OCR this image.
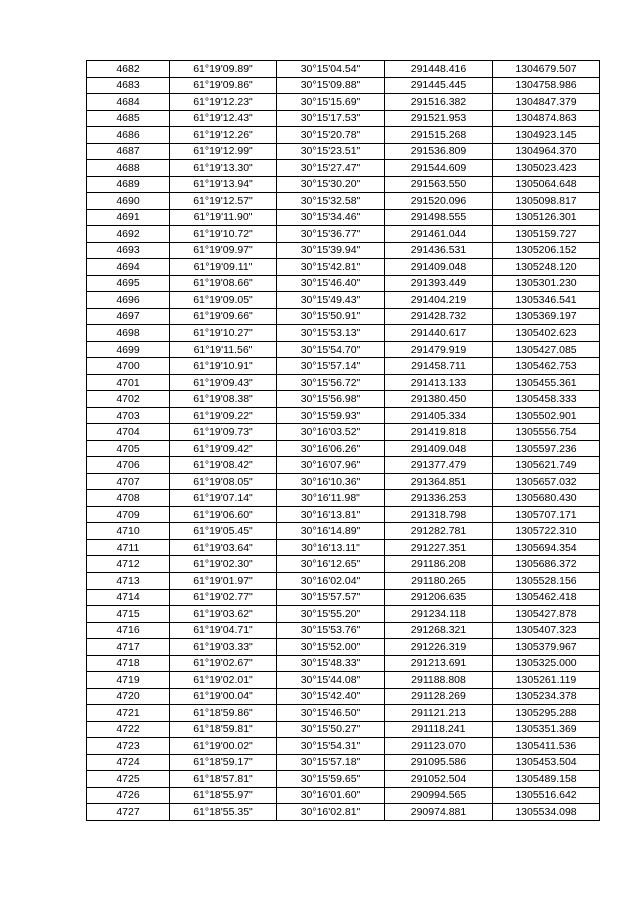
4682	61°19'09.89"	30°15'04.54"	291448.416	1304679.507
4683	61°19'09.86"	30°15'09.88"	291445.445	1304758.986
4684	61°19'12.23"	30°15'15.69"	291516.382	1304847.379
4685	61°19'12.43"	30°15'17.53"	291521.953	1304874.863
4686	61°19'12.26"	30°15'20.78"	291515.268	1304923.145
4687	61°19'12.99"	30°15'23.51"	291536.809	1304964.370
4688	61°19'13.30"	30°15'27.47"	291544.609	1305023.423
4689	61°19'13.94"	30°15'30.20"	291563.550	1305064.648
4690	61°19'12.57"	30°15'32.58"	291520.096	1305098.817
4691	61°19'11.90"	30°15'34.46"	291498.555	1305126.301
4692	61°19'10.72"	30°15'36.77"	291461.044	1305159.727
4693	61°19'09.97"	30°15'39.94"	291436.531	1305206.152
4694	61°19'09.11"	30°15'42.81"	291409.048	1305248.120
4695	61°19'08.66"	30°15'46.40"	291393.449	1305301.230
4696	61°19'09.05"	30°15'49.43"	291404.219	1305346.541
4697	61°19'09.66"	30°15'50.91"	291428.732	1305369.197
4698	61°19'10.27"	30°15'53.13"	291440.617	1305402.623
4699	61°19'11.56"	30°15'54.70"	291479.919	1305427.085
4700	61°19'10.91"	30°15'57.14"	291458.711	1305462.753
4701	61°19'09.43"	30°15'56.72"	291413.133	1305455.361
4702	61°19'08.38"	30°15'56.98"	291380.450	1305458.333
4703	61°19'09.22"	30°15'59.93"	291405.334	1305502.901
4704	61°19'09.73"	30°16'03.52"	291419.818	1305556.754
4705	61°19'09.42"	30°16'06.26"	291409.048	1305597.236
4706	61°19'08.42"	30°16'07.96"	291377.479	1305621.749
4707	61°19'08.05"	30°16'10.36"	291364.851	1305657.032
4708	61°19'07.14"	30°16'11.98"	291336.253	1305680.430
4709	61°19'06.60"	30°16'13.81"	291318.798	1305707.171
4710	61°19'05.45"	30°16'14.89"	291282.781	1305722.310
4711	61°19'03.64"	30°16'13.11"	291227.351	1305694.354
4712	61°19'02.30"	30°16'12.65"	291186.208	1305686.372
4713	61°19'01.97"	30°16'02.04"	291180.265	1305528.156
4714	61°19'02.77"	30°15'57.57"	291206.635	1305462.418
4715	61°19'03.62"	30°15'55.20"	291234.118	1305427.878
4716	61°19'04.71"	30°15'53.76"	291268.321	1305407.323
4717	61°19'03.33"	30°15'52.00"	291226.319	1305379.967
4718	61°19'02.67"	30°15'48.33"	291213.691	1305325.000
4719	61°19'02.01"	30°15'44.08"	291188.808	1305261.119
4720	61°19'00.04"	30°15'42.40"	291128.269	1305234.378
4721	61°18'59.86"	30°15'46.50"	291121.213	1305295.288
4722	61°18'59.81"	30°15'50.27"	291118.241	1305351.369
4723	61°19'00.02"	30°15'54.31"	291123.070	1305411.536
4724	61°18'59.17"	30°15'57.18"	291095.586	1305453.504
4725	61°18'57.81"	30°15'59.65"	291052.504	1305489.158
4726	61°18'55.97"	30°16'01.60"	290994.565	1305516.642
4727	61°18'55.35"	30°16'02.81"	290974.881	1305534.098
